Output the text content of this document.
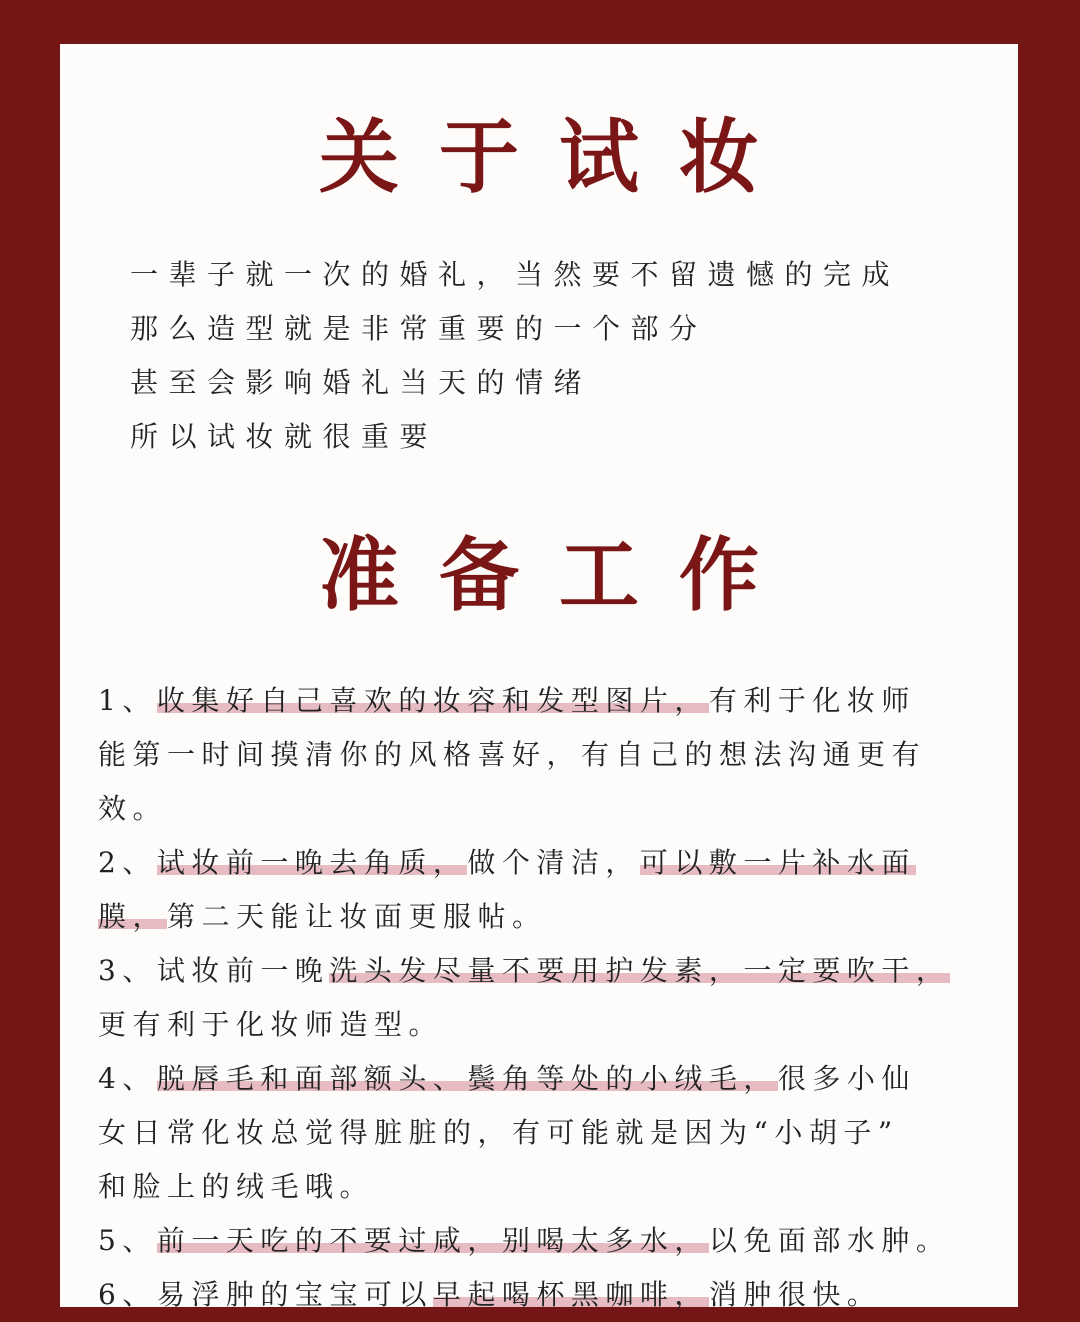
关于试妆
一辈子就一次的婚礼，当然要不留遗憾的完成
那么造型就是非常重要的一个部分
甚至会影响婚礼当天的情绪
所以试妆就很重要
准备工作
1、收集好自己喜欢的妆容和发型图片，有利于化妆师
能第一时间摸清你的风格喜好，有自己的想法沟通更有
效。
2、试妆前一晚去角质，做个清洁，可以敷一片补水面
膜，第二天能让妆面更服帖。
3、试妆前一晚洗头发尽量不要用护发素，一定要吹干，
更有利于化妆师造型。
4、脱唇毛和面部额头、鬓角等处的小绒毛，很多小仙
女日常化妆总觉得脏脏的，有可能就是因为“小胡子”
和脸上的绒毛哦。
5、前一天吃的不要过咸，别喝太多水，以免面部水肿。
6、易浮肿的宝宝可以早起喝杯黑咖啡，消肿很快。
